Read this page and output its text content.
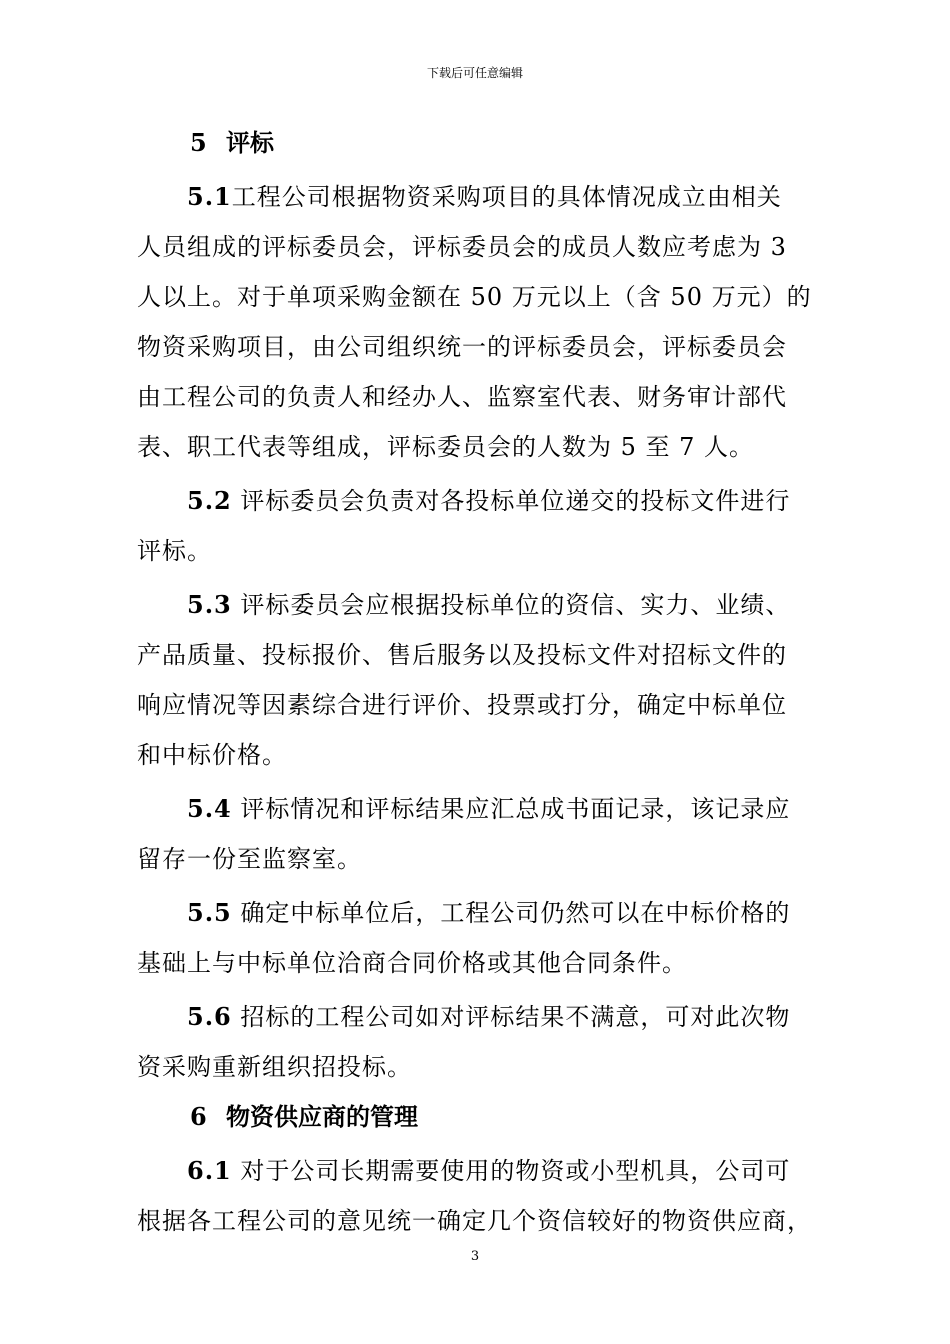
下载后可任意编辑
5 评标
5.1工程公司根据物资采购项目的具体情况成立由相关
人员组成的评标委员会，评标委员会的成员人数应考虑为 3
人以上。对于单项采购金额在 50 万元以上（含 50 万元）的
物资采购项目，由公司组织统一的评标委员会，评标委员会
由工程公司的负责人和经办人、监察室代表、财务审计部代
表、职工代表等组成，评标委员会的人数为 5 至 7 人。
5.2 评标委员会负责对各投标单位递交的投标文件进行
评标。
5.3 评标委员会应根据投标单位的资信、实力、业绩、
产品质量、投标报价、售后服务以及投标文件对招标文件的
响应情况等因素综合进行评价、投票或打分，确定中标单位
和中标价格。
5.4 评标情况和评标结果应汇总成书面记录，该记录应
留存一份至监察室。
5.5 确定中标单位后，工程公司仍然可以在中标价格的
基础上与中标单位洽商合同价格或其他合同条件。
5.6 招标的工程公司如对评标结果不满意，可对此次物
资采购重新组织招投标。
6 物资供应商的管理
6.1 对于公司长期需要使用的物资或小型机具，公司可
根据各工程公司的意见统一确定几个资信较好的物资供应商，
3
